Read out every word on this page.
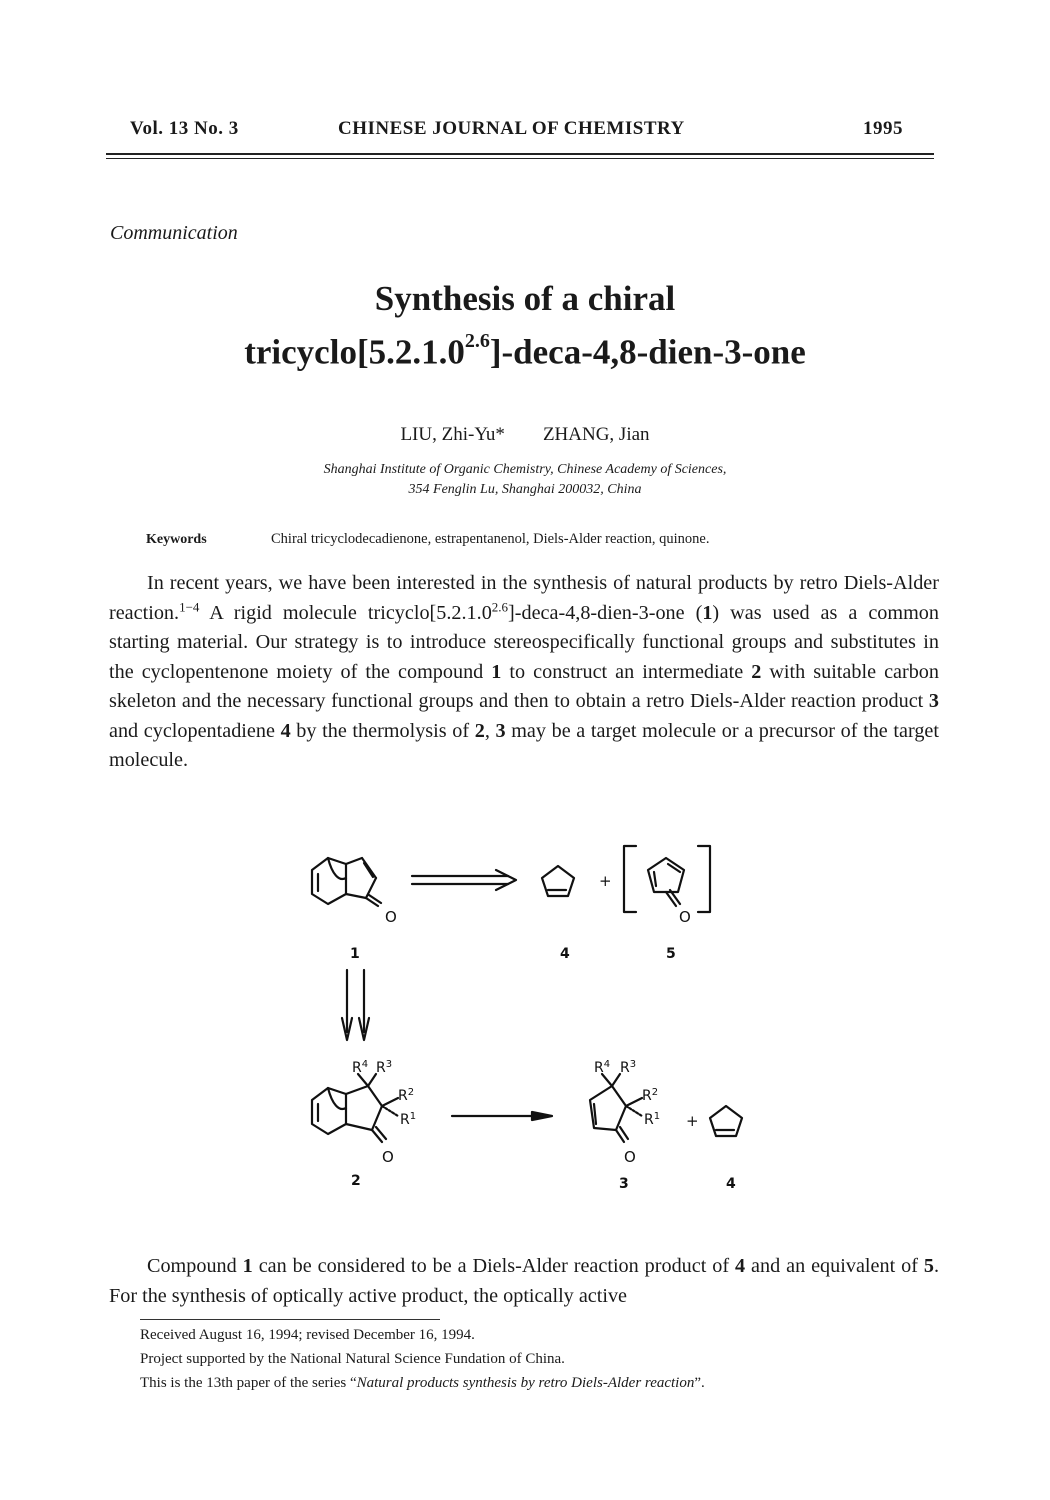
Vol. 13 No. 3	CHINESE JOURNAL OF CHEMISTRY	1995
Communication
Synthesis of a chiral
$tricyclo[5.2.1.0^{2.6}]-deca-4,8-dien-3$-one
LIU, Zhi-Yu* ZHANG, Jian
Shanghai Institute of Organic Chemistry, Chinese Academy of Sciences,
354 Fenglin Lu, Shanghai 200032, China
Keywords	Chiral tricyclodecadienone, estrapentanenol, Diels-Alder reaction, quinone.

In recent years, we have been interested in the synthesis of natural products by retro Diels-Alder reaction.$^{1-4}$ A rigid molecule $tricyclo[5.2.1.0^{2.6}]-deca-4,8-dien-3$-one (1) was used as a common starting material. Our strategy is to introduce stereospecifically functional groups and substitutes in the cyclopentenone moiety of the compound 1 to construct an intermediate 2 with suitable carbon skeleton and the necessary functional groups and then to obtain a retro Diels-Alder reaction product 3 and cyclopentadiene 4 by the thermolysis of 2, 3 may be a target molecule or a precursor of the target molecule.

O
+
O
O	O
+
$R^4$ $R^3$
$R^2$
$R^1$
$R^4$ $R^3$
$R^2$
$R^1$
1	4	5
2	3	4

Compound 1 can be considered to be a Diels-Alder reaction product of 4 and an equivalent of 5. For the synthesis of optically active product, the optically active

Received August 16, 1994; revised December 16, 1994.
Project supported by the National Natural Science Fundation of China.
This is the 13th paper of the series “Natural products synthesis by retro Diels-Alder reaction”.
